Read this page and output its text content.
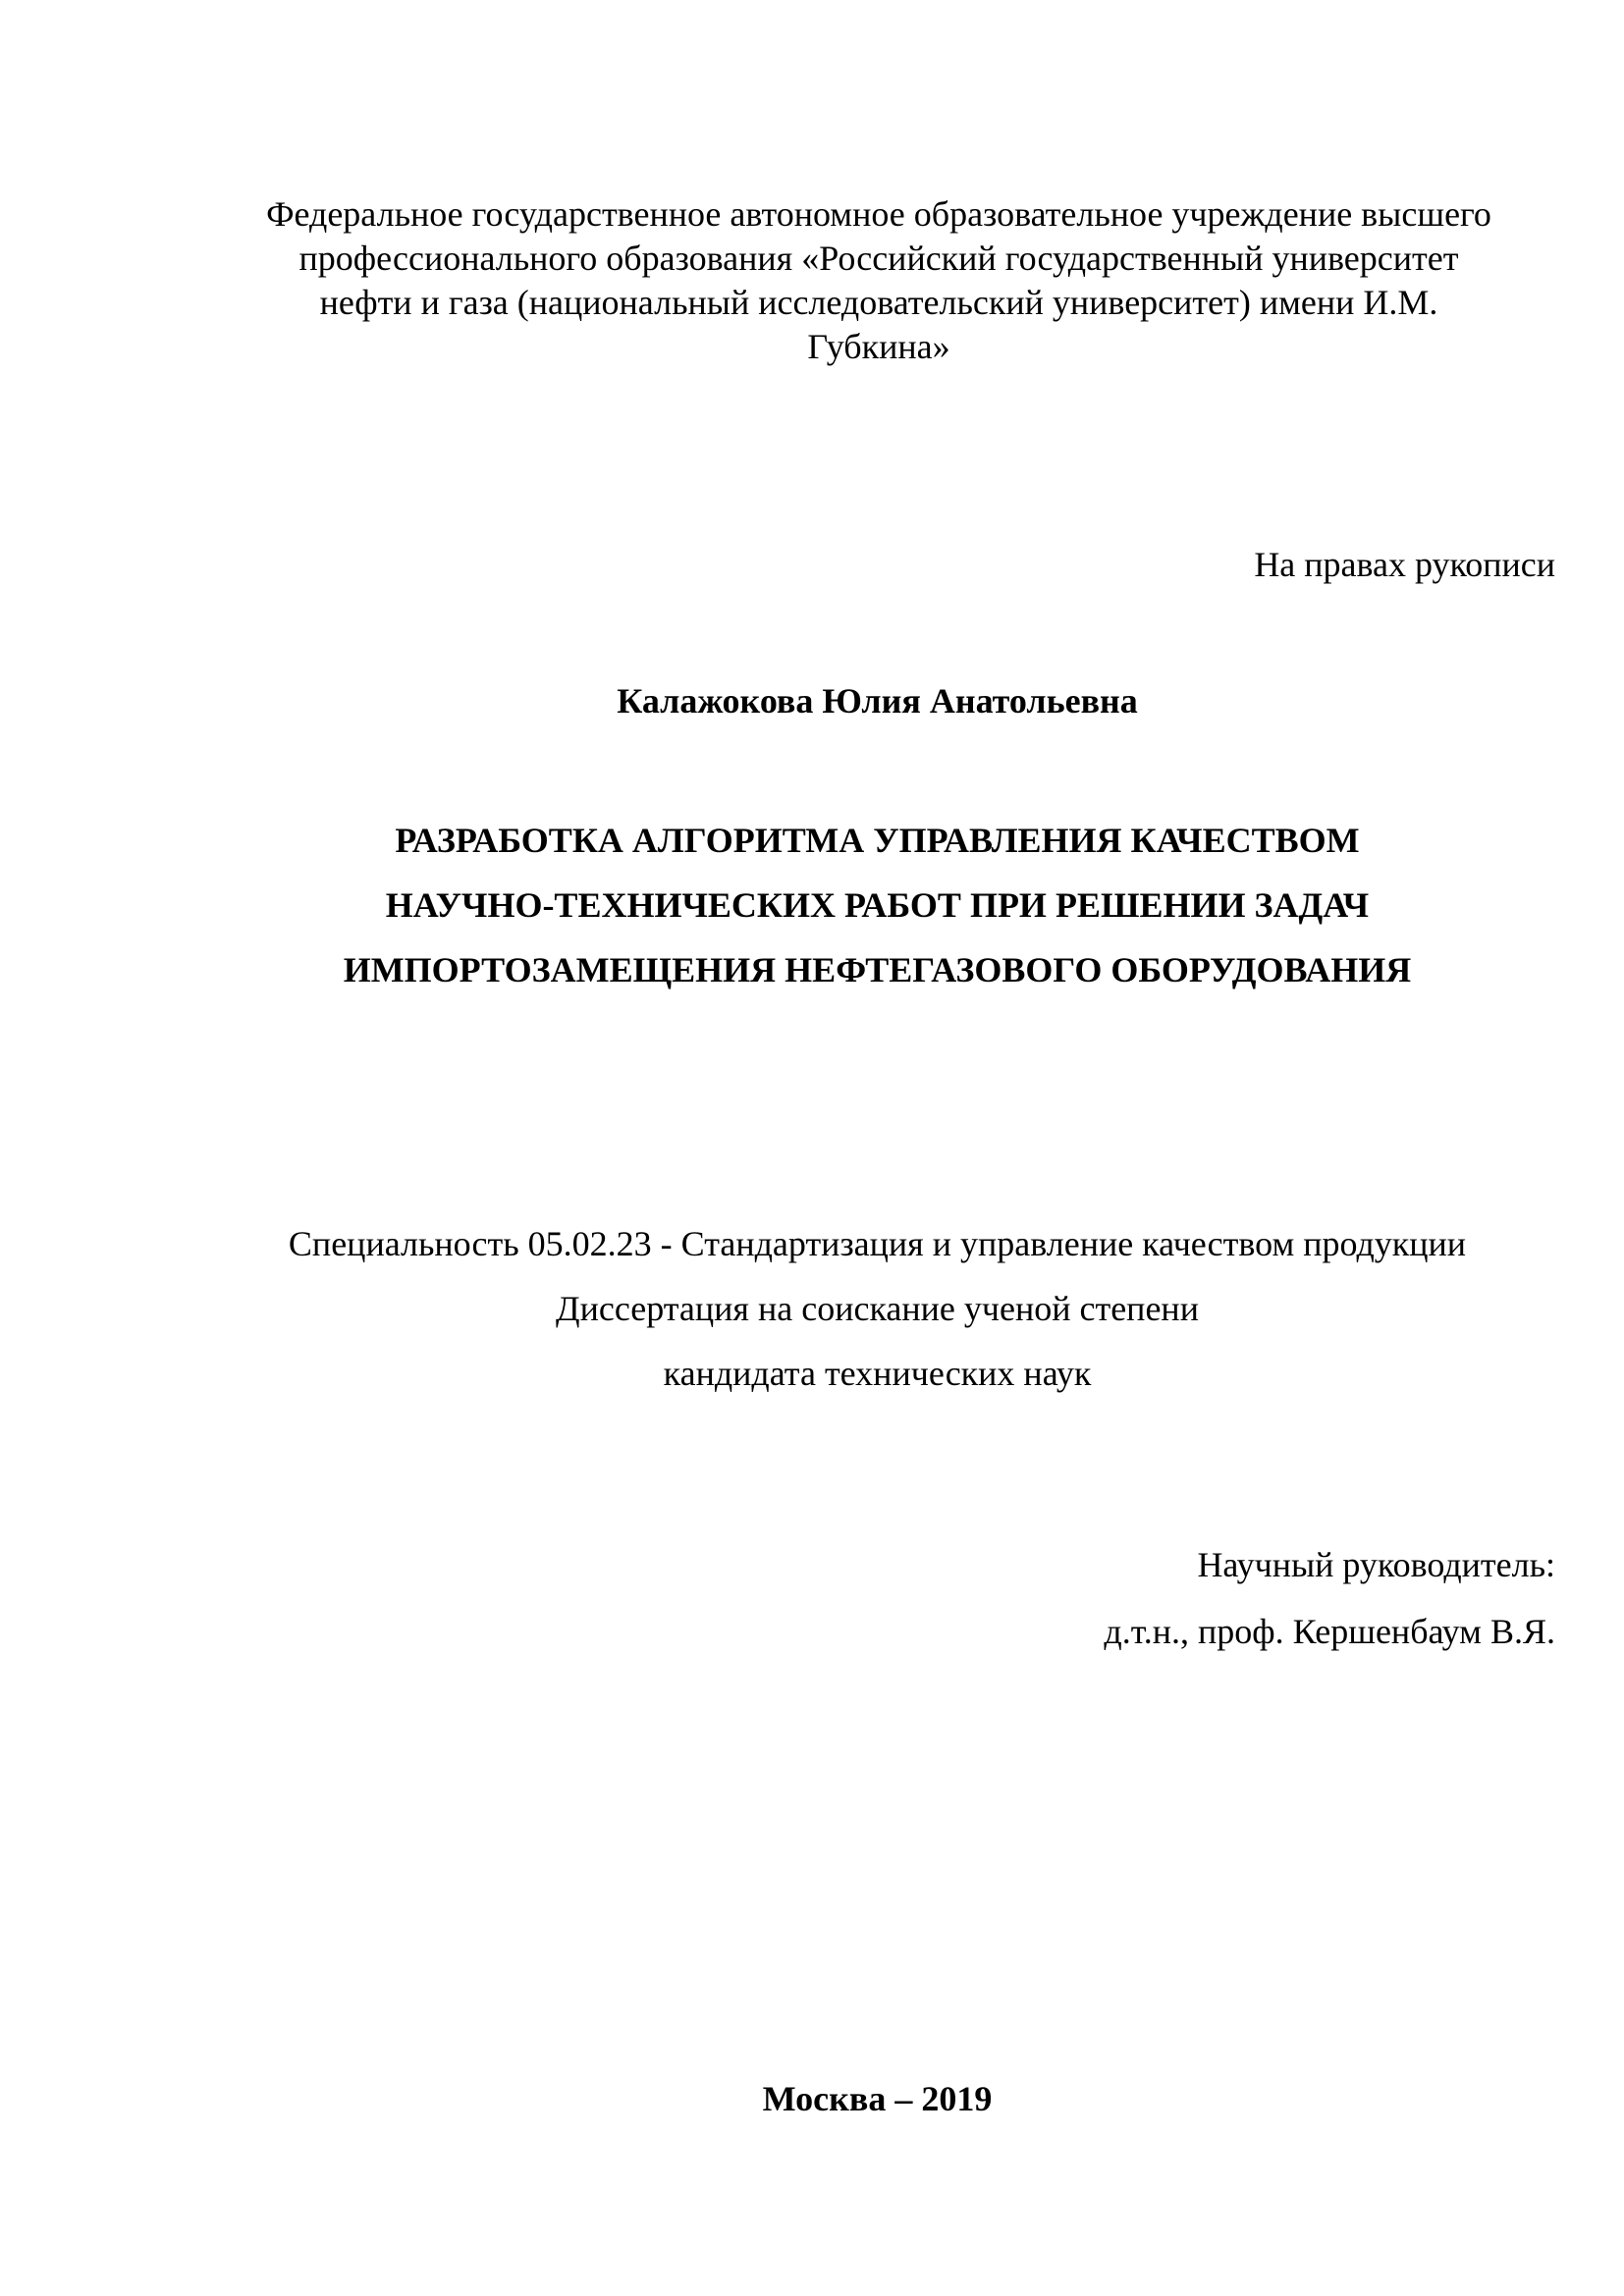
Федеральное государственное автономное образовательное учреждение высшего
профессионального образования «Российский государственный университет
нефти и газа (национальный исследовательский университет) имени И.М.
Губкина»
На правах рукописи
Калажокова Юлия Анатольевна
РАЗРАБОТКА АЛГОРИТМА УПРАВЛЕНИЯ КАЧЕСТВОМ
НАУЧНО-ТЕХНИЧЕСКИХ РАБОТ ПРИ РЕШЕНИИ ЗАДАЧ
ИМПОРТОЗАМЕЩЕНИЯ НЕФТЕГАЗОВОГО ОБОРУДОВАНИЯ
Специальность 05.02.23 - Стандартизация и управление качеством продукции
Диссертация на соискание ученой степени
кандидата технических наук
Научный руководитель:
д.т.н., проф. Кершенбаум В.Я.
Москва – 2019
